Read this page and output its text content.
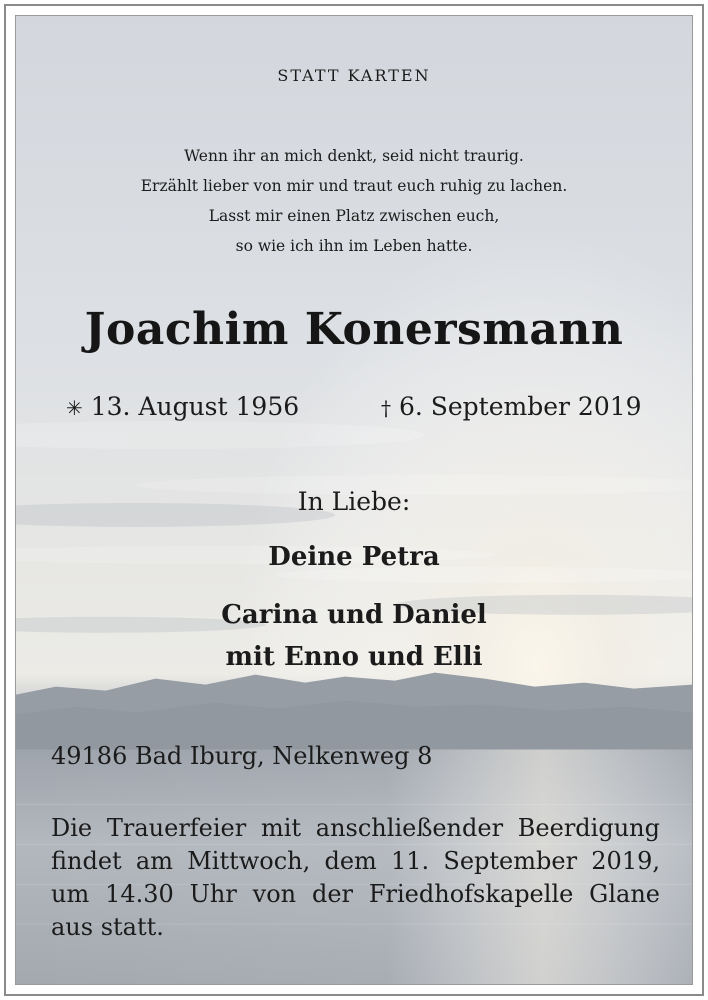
STATT KARTEN
Wenn ihr an mich denkt, seid nicht traurig.
Erzählt lieber von mir und traut euch ruhig zu lachen.
Lasst mir einen Platz zwischen euch,
so wie ich ihn im Leben hatte.
Joachim Konersmann
✳ 13. August 1956	† 6. September 2019
In Liebe:
Deine Petra
Carina und Daniel
mit Enno und Elli
49186 Bad Iburg, Nelkenweg 8
Die Trauerfeier mit anschließender Beerdigung
findet am Mittwoch, dem 11. September 2019,
um 14.30 Uhr von der Friedhofskapelle Glane
aus statt.
